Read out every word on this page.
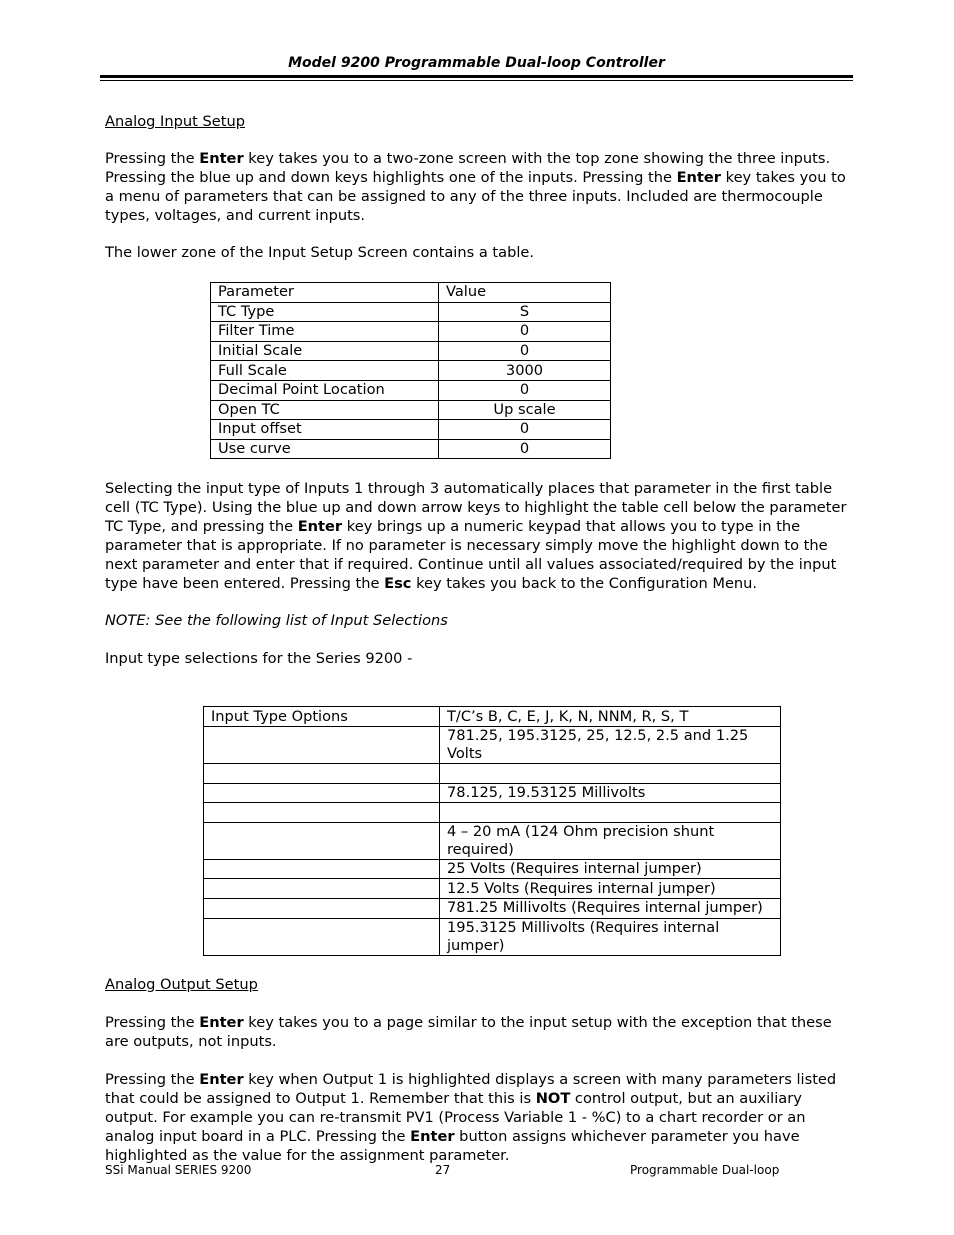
Model 9200 Programmable Dual-loop Controller

Analog Input Setup

Pressing the Enter key takes you to a two-zone screen with the top zone showing the three inputs. Pressing the blue up and down keys highlights one of the inputs. Pressing the Enter key takes you to a menu of parameters that can be assigned to any of the three inputs. Included are thermocouple types, voltages, and current inputs.

The lower zone of the Input Setup Screen contains a table.

Parameter	Value
TC Type	S
Filter Time	0
Initial Scale	0
Full Scale	3000
Decimal Point Location	0
Open TC	Up scale
Input offset	0
Use curve	0

Selecting the input type of Inputs 1 through 3 automatically places that parameter in the first table cell (TC Type). Using the blue up and down arrow keys to highlight the table cell below the parameter TC Type, and pressing the Enter key brings up a numeric keypad that allows you to type in the parameter that is appropriate. If no parameter is necessary simply move the highlight down to the next parameter and enter that if required. Continue until all values associated/required by the input type have been entered. Pressing the Esc key takes you back to the Configuration Menu.

NOTE: See the following list of Input Selections

Input type selections for the Series 9200 -

Input Type Options	T/C’s B, C, E, J, K, N, NNM, R, S, T
	781.25, 195.3125, 25, 12.5, 2.5 and 1.25 Volts

	78.125, 19.53125 Millivolts

	4 – 20 mA (124 Ohm precision shunt required)
	25 Volts (Requires internal jumper)
	12.5 Volts (Requires internal jumper)
	781.25 Millivolts (Requires internal jumper)
	195.3125 Millivolts (Requires internal jumper)

Analog Output Setup

Pressing the Enter key takes you to a page similar to the input setup with the exception that these are outputs, not inputs.

Pressing the Enter key when Output 1 is highlighted displays a screen with many parameters listed that could be assigned to Output 1. Remember that this is NOT control output, but an auxiliary output. For example you can re-transmit PV1 (Process Variable 1 - %C) to a chart recorder or an analog input board in a PLC. Pressing the Enter button assigns whichever parameter you have highlighted as the value for the assignment parameter.

SSi Manual SERIES 9200	27	Programmable Dual-loop
